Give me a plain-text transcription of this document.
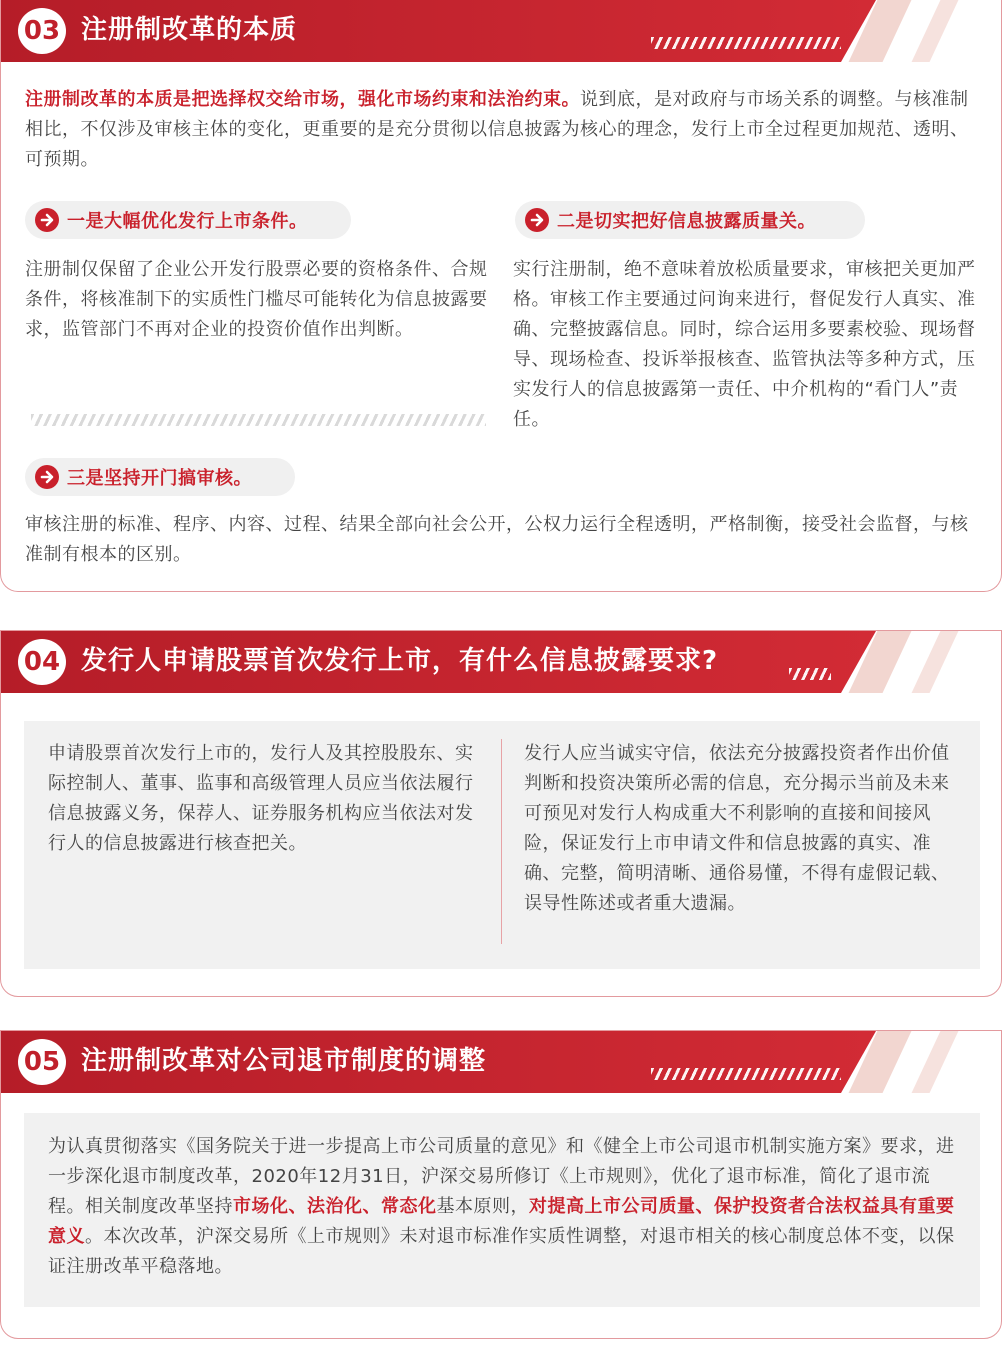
03 注册制改革的本质
注册制改革的本质是把选择权交给市场，强化市场约束和法治约束。说到底，是对政府与市场关系的调整。与核准制相比，不仅涉及审核主体的变化，更重要的是充分贯彻以信息披露为核心的理念，发行上市全过程更加规范、透明、可预期。
一是大幅优化发行上市条件。
注册制仅保留了企业公开发行股票必要的资格条件、合规条件，将核准制下的实质性门槛尽可能转化为信息披露要求，监管部门不再对企业的投资价值作出判断。
二是切实把好信息披露质量关。
实行注册制，绝不意味着放松质量要求，审核把关更加严格。审核工作主要通过问询来进行，督促发行人真实、准确、完整披露信息。同时，综合运用多要素校验、现场督导、现场检查、投诉举报核查、监管执法等多种方式，压实发行人的信息披露第一责任、中介机构的“看门人”责任。
三是坚持开门搞审核。
审核注册的标准、程序、内容、过程、结果全部向社会公开，公权力运行全程透明，严格制衡，接受社会监督，与核准制有根本的区别。
04 发行人申请股票首次发行上市，有什么信息披露要求?
申请股票首次发行上市的，发行人及其控股股东、实际控制人、董事、监事和高级管理人员应当依法履行信息披露义务，保荐人、证券服务机构应当依法对发行人的信息披露进行核查把关。
发行人应当诚实守信，依法充分披露投资者作出价值判断和投资决策所必需的信息，充分揭示当前及未来可预见对发行人构成重大不利影响的直接和间接风险，保证发行上市申请文件和信息披露的真实、准确、完整，简明清晰、通俗易懂，不得有虚假记载、误导性陈述或者重大遗漏。
05 注册制改革对公司退市制度的调整
为认真贯彻落实《国务院关于进一步提高上市公司质量的意见》和《健全上市公司退市机制实施方案》要求，进一步深化退市制度改革，2020年12月31日，沪深交易所修订《上市规则》，优化了退市标准，简化了退市流程。相关制度改革坚持市场化、法治化、常态化基本原则，对提高上市公司质量、保护投资者合法权益具有重要意义。本次改革，沪深交易所《上市规则》未对退市标准作实质性调整，对退市相关的核心制度总体不变，以保证注册改革平稳落地。
